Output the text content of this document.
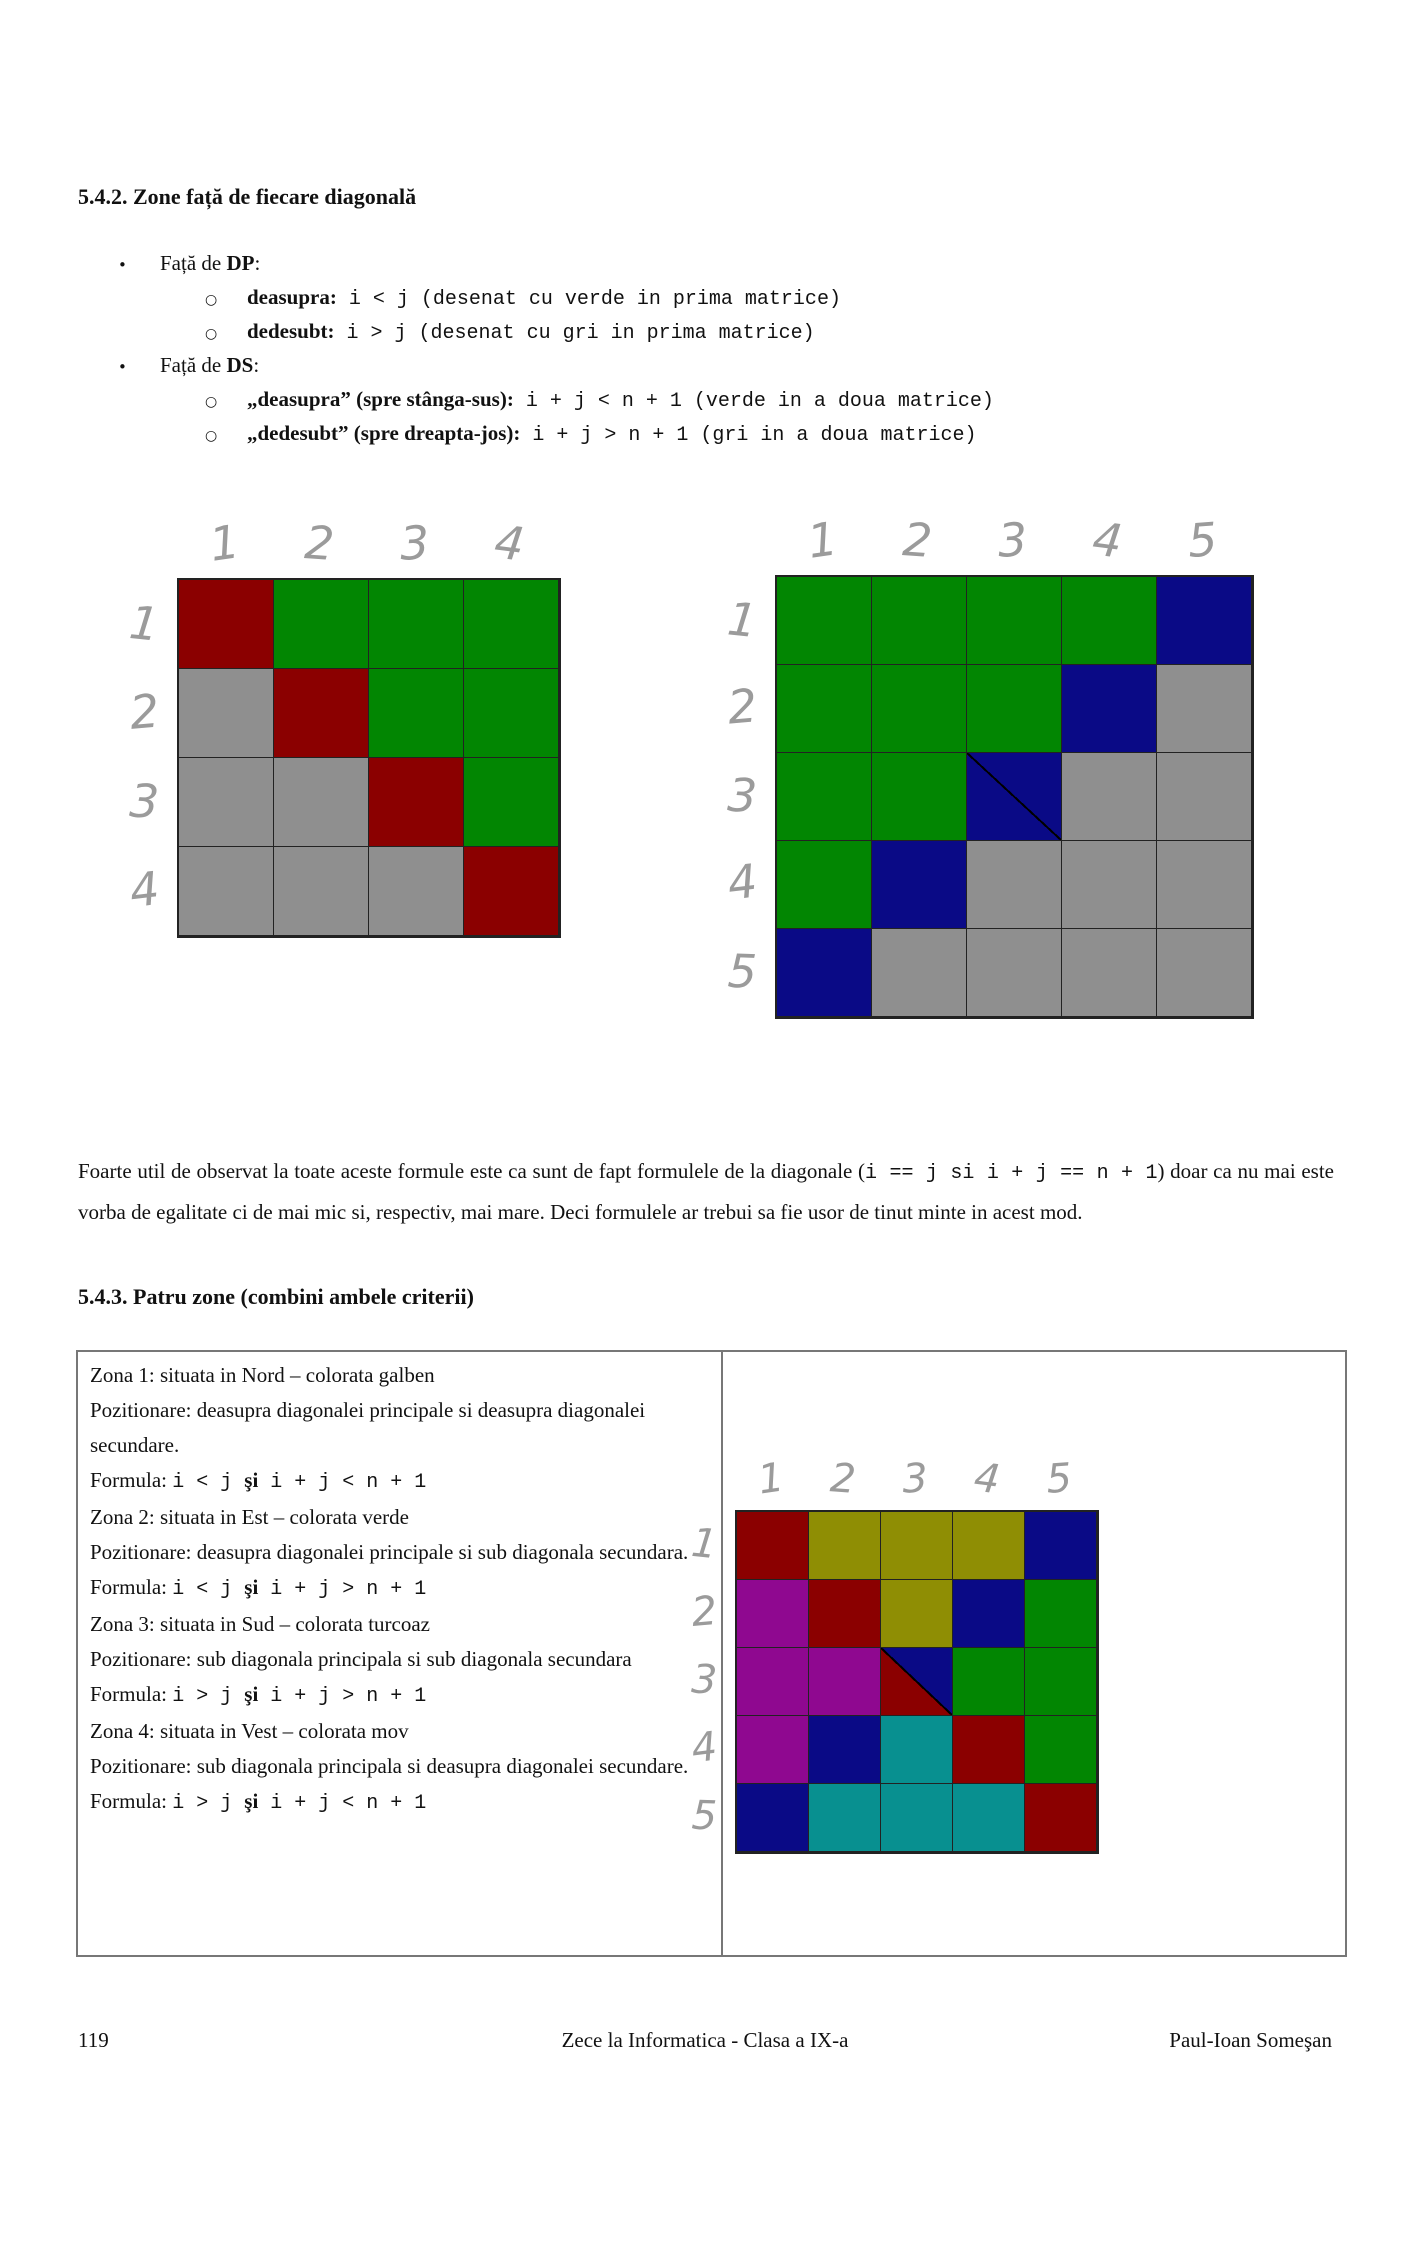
5.4.2. Zone față de fiecare diagonală
•	Față de DP:
○	deasupra: i < j (desenat cu verde in prima matrice)
○	dedesubt: i > j (desenat cu gri in prima matrice)
•	Față de DS:
○	„deasupra” (spre stânga-sus): i + j < n + 1 (verde in a doua matrice)
○	„dedesubt” (spre dreapta-jos): i + j > n + 1 (gri in a doua matrice)
1	2	3	4
1
2
3
4
1	2	3	4	5
1
2
3
4
5
Foarte util de observat la toate aceste formule este ca sunt de fapt formulele de la diagonale (i == j si i + j == n + 1) doar ca nu mai este vorba de egalitate ci de mai mic si, respectiv, mai mare. Deci formulele ar trebui sa fie usor de tinut minte in acest mod.
5.4.3. Patru zone (combini ambele criterii)
Zona 1: situata in Nord – colorata galben
Pozitionare: deasupra diagonalei principale si deasupra diagonalei secundare.
Formula: i < j şi i + j < n + 1
Zona 2: situata in Est – colorata verde
Pozitionare: deasupra diagonalei principale si sub diagonala secundara.
Formula: i < j şi i + j > n + 1
Zona 3: situata in Sud – colorata turcoaz
Pozitionare: sub diagonala principala si sub diagonala secundara
Formula: i > j şi i + j > n + 1
Zona 4: situata in Vest – colorata mov
Pozitionare: sub diagonala principala si deasupra diagonalei secundare.
Formula: i > j şi i + j < n + 1
1	2	3	4	5
1
2
3
4
5
119	Zece la Informatica - Clasa a IX-a	Paul-Ioan Someşan
